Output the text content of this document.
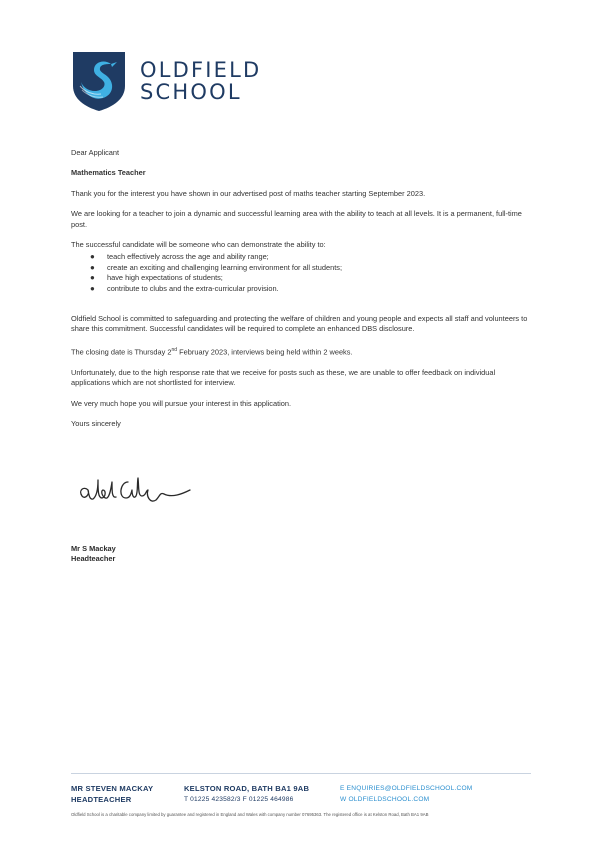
OLDFIELD
SCHOOL

Dear Applicant

Mathematics Teacher

Thank you for the interest you have shown in our advertised post of maths teacher starting September 2023.

We are looking for a teacher to join a dynamic and successful learning area with the ability to teach at all levels. It is a permanent, full-time post.

The successful candidate will be someone who can demonstrate the ability to:

● teach effectively across the age and ability range;
● create an exciting and challenging learning environment for all students;
● have high expectations of students;
● contribute to clubs and the extra-curricular provision.

Oldfield School is committed to safeguarding and protecting the welfare of children and young people and expects all staff and volunteers to share this commitment. Successful candidates will be required to complete an enhanced DBS disclosure.

The closing date is Thursday 2nd February 2023, interviews being held within 2 weeks.

Unfortunately, due to the high response rate that we receive for posts such as these, we are unable to offer feedback on individual applications which are not shortlisted for interview.

We very much hope you will pursue your interest in this application.

Yours sincerely

Mr S Mackay
Headteacher
MR STEVEN MACKAY
HEADTEACHER
KELSTON ROAD, BATH BA1 9AB
T 01225 423582/3 F 01225 464986
E ENQUIRIES@OLDFIELDSCHOOL.COM
W OLDFIELDSCHOOL.COM
Oldfield School is a charitable company limited by guarantee and registered in England and Wales with company number 07695363. The registered office is at Kelston Road, Bath BA1 9AB
